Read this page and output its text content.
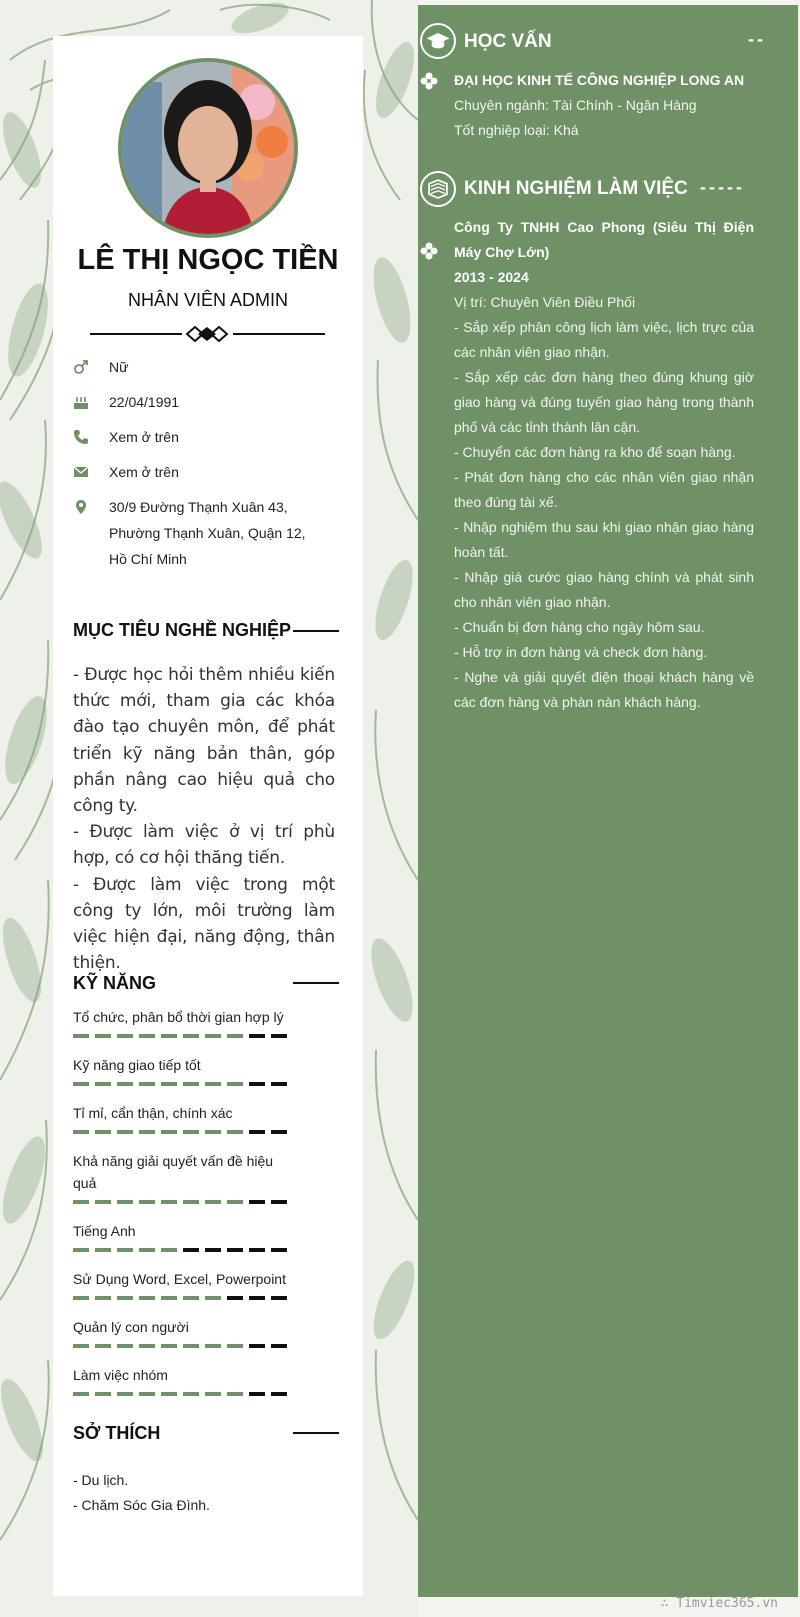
LÊ THỊ NGỌC TIỀN
NHÂN VIÊN ADMIN
Nữ
22/04/1991
Xem ở trên
Xem ở trên
30/9 Đường Thạnh Xuân 43, Phường Thạnh Xuân, Quận 12, Hồ Chí Minh
MỤC TIÊU NGHỀ NGHIỆP
- Được học hỏi thêm nhiều kiến thức mới, tham gia các khóa đào tạo chuyên môn, để phát triển kỹ năng bản thân, góp phần nâng cao hiệu quả cho công ty.
- Được làm việc ở vị trí phù hợp, có cơ hội thăng tiến.
- Được làm việc trong một công ty lớn, môi trường làm việc hiện đại, năng động, thân thiện.
KỸ NĂNG
Tổ chức, phân bổ thời gian hợp lý
Kỹ năng giao tiếp tốt
Tỉ mỉ, cẩn thận, chính xác
Khả năng giải quyết vấn đề hiệu quả
Tiếng Anh
Sử Dụng Word, Excel, Powerpoint
Quản lý con người
Làm việc nhóm
SỞ THÍCH
- Du lịch.
- Chăm Sóc Gia Đình.
HỌC VẤN	--
ĐẠI HỌC KINH TẾ CÔNG NGHIỆP LONG AN
Chuyên ngành: Tài Chính - Ngân Hàng
Tốt nghiệp loại: Khá
KINH NGHIỆM LÀM VIỆC -----
Công Ty TNHH Cao Phong (Siêu Thị Điện Máy Chợ Lớn)
2013 - 2024
Vị trí: Chuyên Viên Điều Phối
- Sắp xếp phân công lịch làm việc, lịch trực của các nhân viên giao nhận.
- Sắp xếp các đơn hàng theo đúng khung giờ giao hàng và đúng tuyến giao hàng trong thành phố và các tỉnh thành lân cận.
- Chuyển các đơn hàng ra kho để soạn hàng.
- Phát đơn hàng cho các nhân viên giao nhận theo đúng tài xế.
- Nhập nghiệm thu sau khi giao nhận giao hàng hoàn tất.
- Nhập giá cước giao hàng chính và phát sinh cho nhân viên giao nhận.
- Chuẩn bị đơn hàng cho ngày hôm sau.
- Hỗ trợ in đơn hàng và check đơn hàng.
- Nghe và giải quyết điện thoại khách hàng về các đơn hàng và phàn nàn khách hàng.
∴ Timviec365.vn
